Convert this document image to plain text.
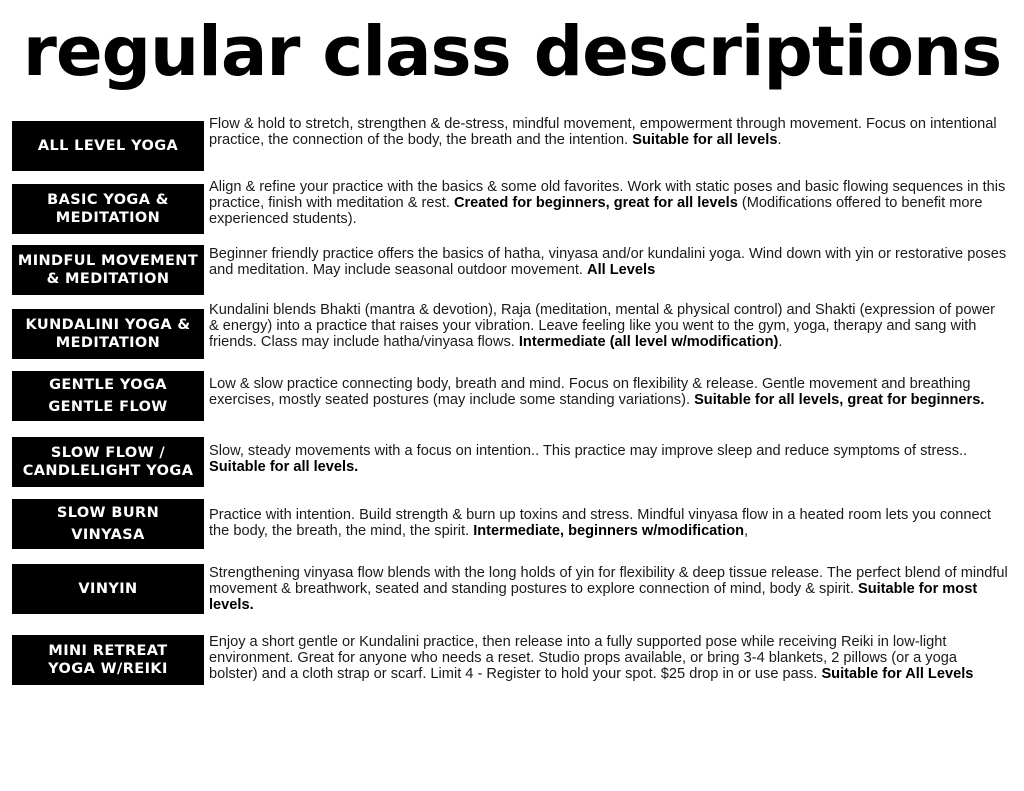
regular class descriptions
ALL LEVEL YOGA

Flow & hold to stretch, strengthen & de-stress, mindful movement, empowerment through movement. Focus on intentional practice, the connection of the body, the breath and the intention. Suitable for all levels.

BASIC YOGA &
MEDITATION

Align & refine your practice with the basics & some old favorites. Work with static poses and basic flowing sequences in this practice, finish with meditation & rest. Created for beginners, great for all levels (Modifications offered to benefit more experienced students).

MINDFUL MOVEMENT
& MEDITATION

Beginner friendly practice offers the basics of hatha, vinyasa and/or kundalini yoga. Wind down with yin or restorative poses and meditation. May include seasonal outdoor movement. All Levels

KUNDALINI YOGA &
MEDITATION

Kundalini blends Bhakti (mantra & devotion), Raja (meditation, mental & physical control) and Shakti (expression of power & energy) into a practice that raises your vibration. Leave feeling like you went to the gym, yoga, therapy and sang with friends. Class may include hatha/vinyasa flows. Intermediate (all level w/modification).

GENTLE YOGA
GENTLE FLOW

Low & slow practice connecting body, breath and mind. Focus on flexibility & release. Gentle movement and breathing exercises, mostly seated postures (may include some standing variations). Suitable for all levels, great for beginners.

SLOW FLOW /
CANDLELIGHT YOGA

Slow, steady movements with a focus on intention.. This practice may improve sleep and reduce symptoms of stress.. Suitable for all levels.

SLOW BURN
VINYASA

Practice with intention. Build strength & burn up toxins and stress. Mindful vinyasa flow in a heated room lets you connect the body, the breath, the mind, the spirit. Intermediate, beginners w/modification,

VINYIN

Strengthening vinyasa flow blends with the long holds of yin for flexibility & deep tissue release. The perfect blend of mindful movement & breathwork, seated and standing postures to explore connection of mind, body & spirit. Suitable for most levels.

MINI RETREAT
YOGA W/REIKI

Enjoy a short gentle or Kundalini practice, then release into a fully supported pose while receiving Reiki in low-light environment. Great for anyone who needs a reset. Studio props available, or bring 3-4 blankets, 2 pillows (or a yoga bolster) and a cloth strap or scarf. Limit 4 - Register to hold your spot. $25 drop in or use pass. Suitable for All Levels
